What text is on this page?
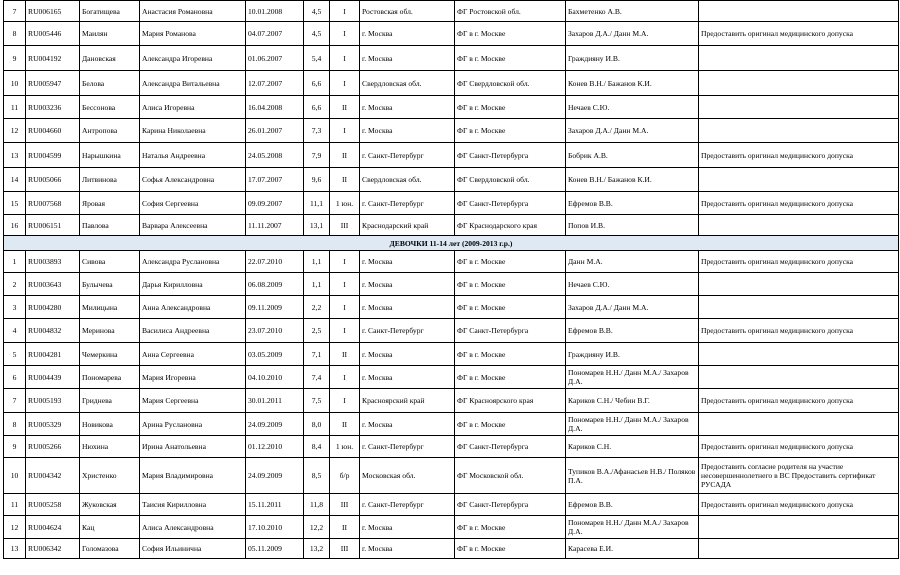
7	RU006165	Богатищева	Анастасия Романовна	10.01.2008	4,5	I	Ростовская обл.	ФГ Ростовской обл.	Бахметенко А.В.	
8	RU005446	Маилян	Мария Романова	04.07.2007	4,5	I	г. Москва	ФГ в г. Москве	Захаров Д.А./ Данн М.А.	Предоставить оригинал медицинского допуска
9	RU004192	Дановская	Александра Игоревна	01.06.2007	5,4	I	г. Москва	ФГ в г. Москве	Граждияну И.В.	
10	RU005947	Белова	Александра Витальевна	12.07.2007	6,6	I	Свердловская обл.	ФГ Свердловской обл.	Конев В.Н./ Бажанов К.И.	
11	RU003236	Бессонова	Алиса Игоревна	16.04.2008	6,6	II	г. Москва	ФГ в г. Москве	Нечаев С.Ю.	
12	RU004660	Антропова	Карина Николаевна	26.01.2007	7,3	I	г. Москва	ФГ в г. Москве	Захаров Д.А./ Данн М.А.	
13	RU004599	Нарышкина	Наталья Андреевна	24.05.2008	7,9	II	г. Санкт-Петербург	ФГ Санкт-Петербурга	Бобрик А.В.	Предоставить оригинал медицинского допуска
14	RU005066	Литвинова	Софья Александровна	17.07.2007	9,6	II	Свердловская обл.	ФГ Свердловской обл.	Конев В.Н./ Бажанов К.И.	
15	RU007568	Яровая	София Сергеевна	09.09.2007	11,1	1 юн.	г. Санкт-Петербург	ФГ Санкт-Петербурга	Ефремов В.В.	Предоставить оригинал медицинского допуска
16	RU006151	Павлова	Варвара Алексеевна	11.11.2007	13,1	III	Краснодарский край	ФГ Краснодарского края	Попов И.В.	
ДЕВОЧКИ 11-14 лет (2009-2013 г.р.)										
1	RU003893	Сивова	Александра Руслановна	22.07.2010	1,1	I	г. Москва	ФГ в г. Москве	Данн М.А.	Предоставить оригинал медицинского допуска
2	RU003643	Булычева	Дарья Кирилловна	06.08.2009	1,1	I	г. Москва	ФГ в г. Москве	Нечаев С.Ю.	
3	RU004280	Милицына	Анна Александровна	09.11.2009	2,2	I	г. Москва	ФГ в г. Москве	Захаров Д.А./ Данн М.А.	
4	RU004832	Меринова	Василиса Андреевна	23.07.2010	2,5	I	г. Санкт-Петербург	ФГ Санкт-Петербурга	Ефремов В.В.	Предоставить оригинал медицинского допуска
5	RU004281	Чемеркина	Анна Сергеевна	03.05.2009	7,1	II	г. Москва	ФГ в г. Москве	Граждияну И.В.	
6	RU004439	Пономарева	Мария Игоревна	04.10.2010	7,4	I	г. Москва	ФГ в г. Москве	Пономарев Н.Н./ Данн М.А./ Захаров Д.А.	
7	RU005193	Гриднева	Мария Сергеевна	30.01.2011	7,5	I	Красноярский край	ФГ Красноярского края	Кариков С.Н./ Чебин В.Г.	Предоставить оригинал медицинского допуска
8	RU005329	Новикова	Арина Руслановна	24.09.2009	8,0	II	г. Москва	ФГ в г. Москве	Пономарев Н.Н./ Данн М.А./ Захаров Д.А.	
9	RU005266	Нюхина	Ирина Анатольевна	01.12.2010	8,4	1 юн.	г. Санкт-Петербург	ФГ Санкт-Петербурга	Кариков С.Н.	Предоставить оригинал медицинского допуска
10	RU004342	Христенко	Мария Владимировна	24.09.2009	8,5	б/р	Московская обл.	ФГ Московской обл.	Тупиков В.А./Афанасьев Н.В./ Поляков П.А.	Предоставить согласие родителя на участие несовершеннолетнего в ВС Предоставить сертификат РУСАДА
11	RU005258	Жуковская	Таисия Кирилловна	15.11.2011	11,8	III	г. Санкт-Петербург	ФГ Санкт-Петербурга	Ефремов В.В.	Предоставить оригинал медицинского допуска
12	RU004624	Кац	Алиса Александровна	17.10.2010	12,2	II	г. Москва	ФГ в г. Москве	Пономарев Н.Н./ Данн М.А./ Захаров Д.А.	
13	RU006342	Голомазова	София Ильинична	05.11.2009	13,2	III	г. Москва	ФГ в г. Москве	Карасева Е.И.	
